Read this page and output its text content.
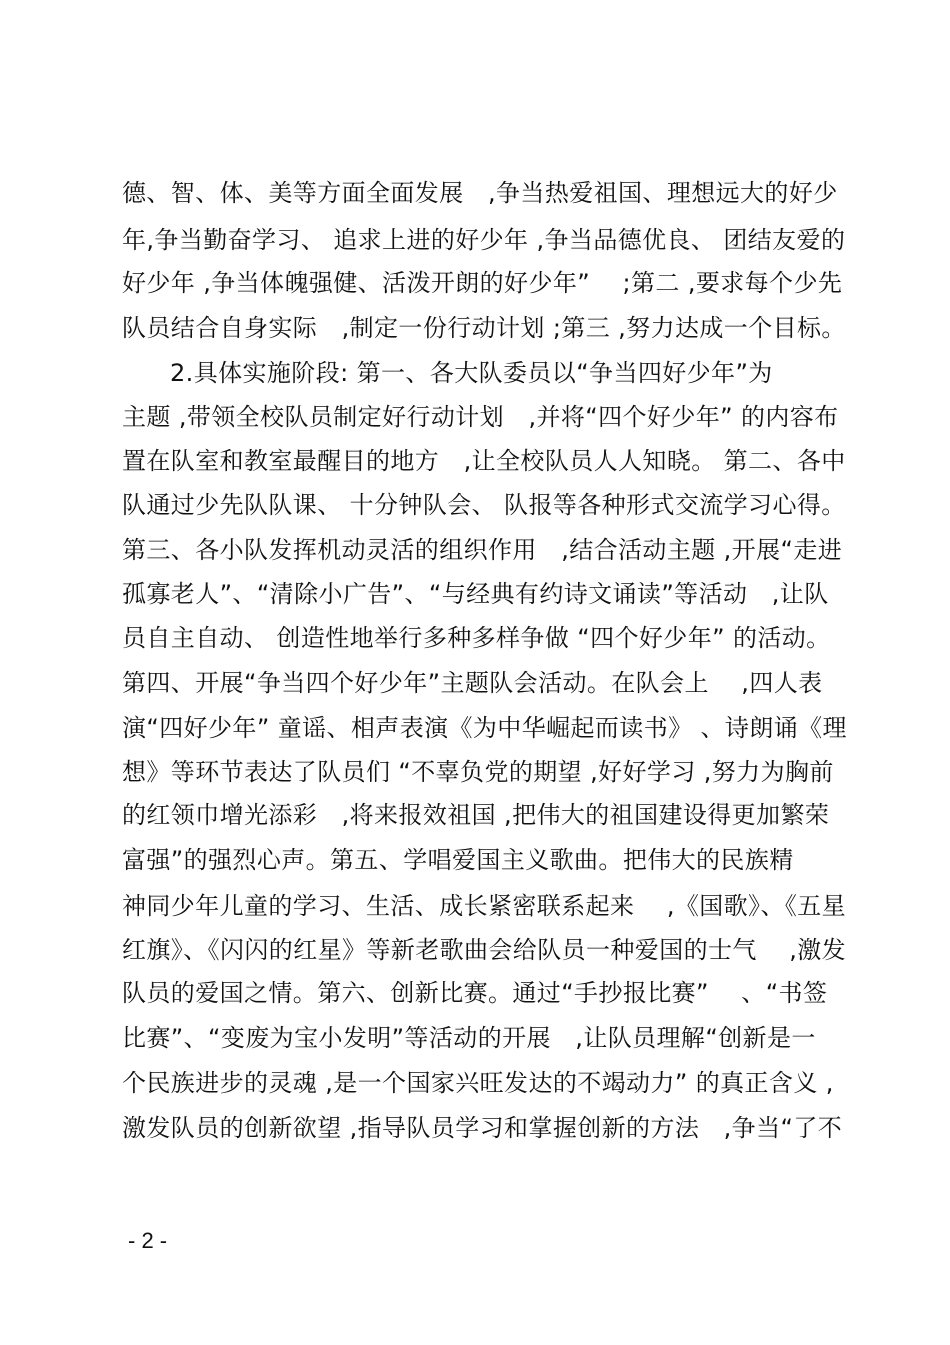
德、智、体、美等方面全面发展　,争当热爱祖国、理想远大的好少
年,争当勤奋学习、 追求上进的好少年 ,争当品德优良、 团结友爱的
好少年 ,争当体魄强健、活泼开朗的好少年”　 ;第二 ,要求每个少先
队员结合自身实际　,制定一份行动计划 ;第三 ,努力达成一个目标。
2.具体实施阶段: 第一、各大队委员以“争当四好少年”为
主题 ,带领全校队员制定好行动计划　,并将“四个好少年” 的内容布
置在队室和教室最醒目的地方　,让全校队员人人知晓。 第二、各中
队通过少先队队课、 十分钟队会、 队报等各种形式交流学习心得。
第三、各小队发挥机动灵活的组织作用　,结合活动主题 ,开展“走进
孤寡老人”、“清除小广告”、“与经典有约诗文诵读”等活动　,让队
员自主自动、 创造性地举行多种多样争做 “四个好少年” 的活动。
第四、开展“争当四个好少年”主题队会活动。在队会上　 ,四人表
演“四好少年” 童谣、相声表演《为中华崛起而读书》 、诗朗诵《理
想》等环节表达了队员们 “不辜负党的期望 ,好好学习 ,努力为胸前
的红领巾增光添彩　,将来报效祖国 ,把伟大的祖国建设得更加繁荣
富强”的强烈心声。第五、学唱爱国主义歌曲。把伟大的民族精
神同少年儿童的学习、生活、成长紧密联系起来　 ,《国歌》、《五星
红旗》、《闪闪的红星》等新老歌曲会给队员一种爱国的士气　 ,激发
队员的爱国之情。第六、创新比赛。通过“手抄报比赛”　 、“书签
比赛”、“变废为宝小发明”等活动的开展　,让队员理解“创新是一
个民族进步的灵魂 ,是一个国家兴旺发达的不竭动力” 的真正含义 ,
激发队员的创新欲望 ,指导队员学习和掌握创新的方法　,争当“了不
- 2 -
